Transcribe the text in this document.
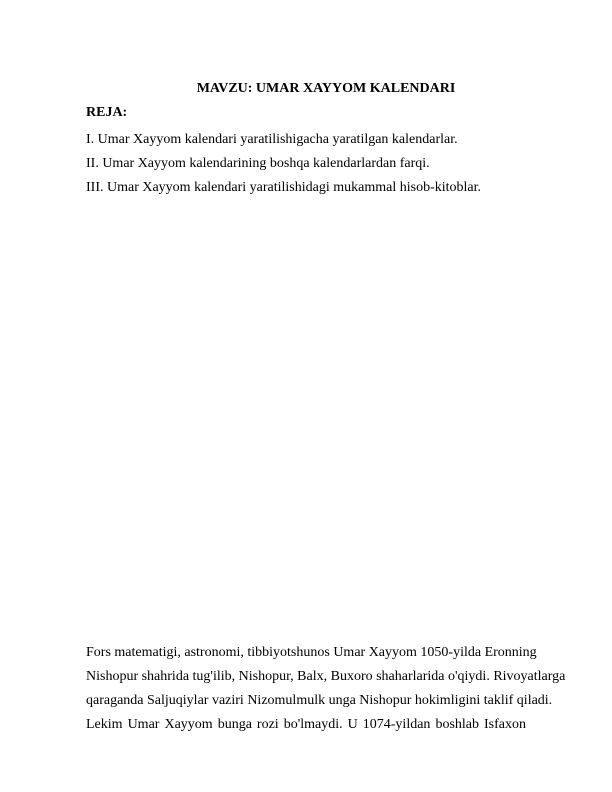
MAVZU: UMAR XAYYOM KALENDARI
REJA:
I. Umar Xayyom kalendari yaratilishigacha yaratilgan kalendarlar.
II. Umar Xayyom kalendarining boshqa kalendarlardan farqi.
III. Umar Xayyom kalendari yaratilishidagi mukammal hisob-kitoblar.
Fors matematigi, astronomi, tibbiyotshunos Umar Xayyom 1050-yilda Eronning
Nishopur shahrida tug'ilib, Nishopur, Balx, Buxoro shaharlarida o'qiydi. Rivoyatlarga
qaraganda Saljuqiylar vaziri Nizomulmulk unga Nishopur hokimligini taklif qiladi.
Lekim Umar Xayyom bunga rozi bo'lmaydi. U 1074-yildan boshlab Isfaxon
